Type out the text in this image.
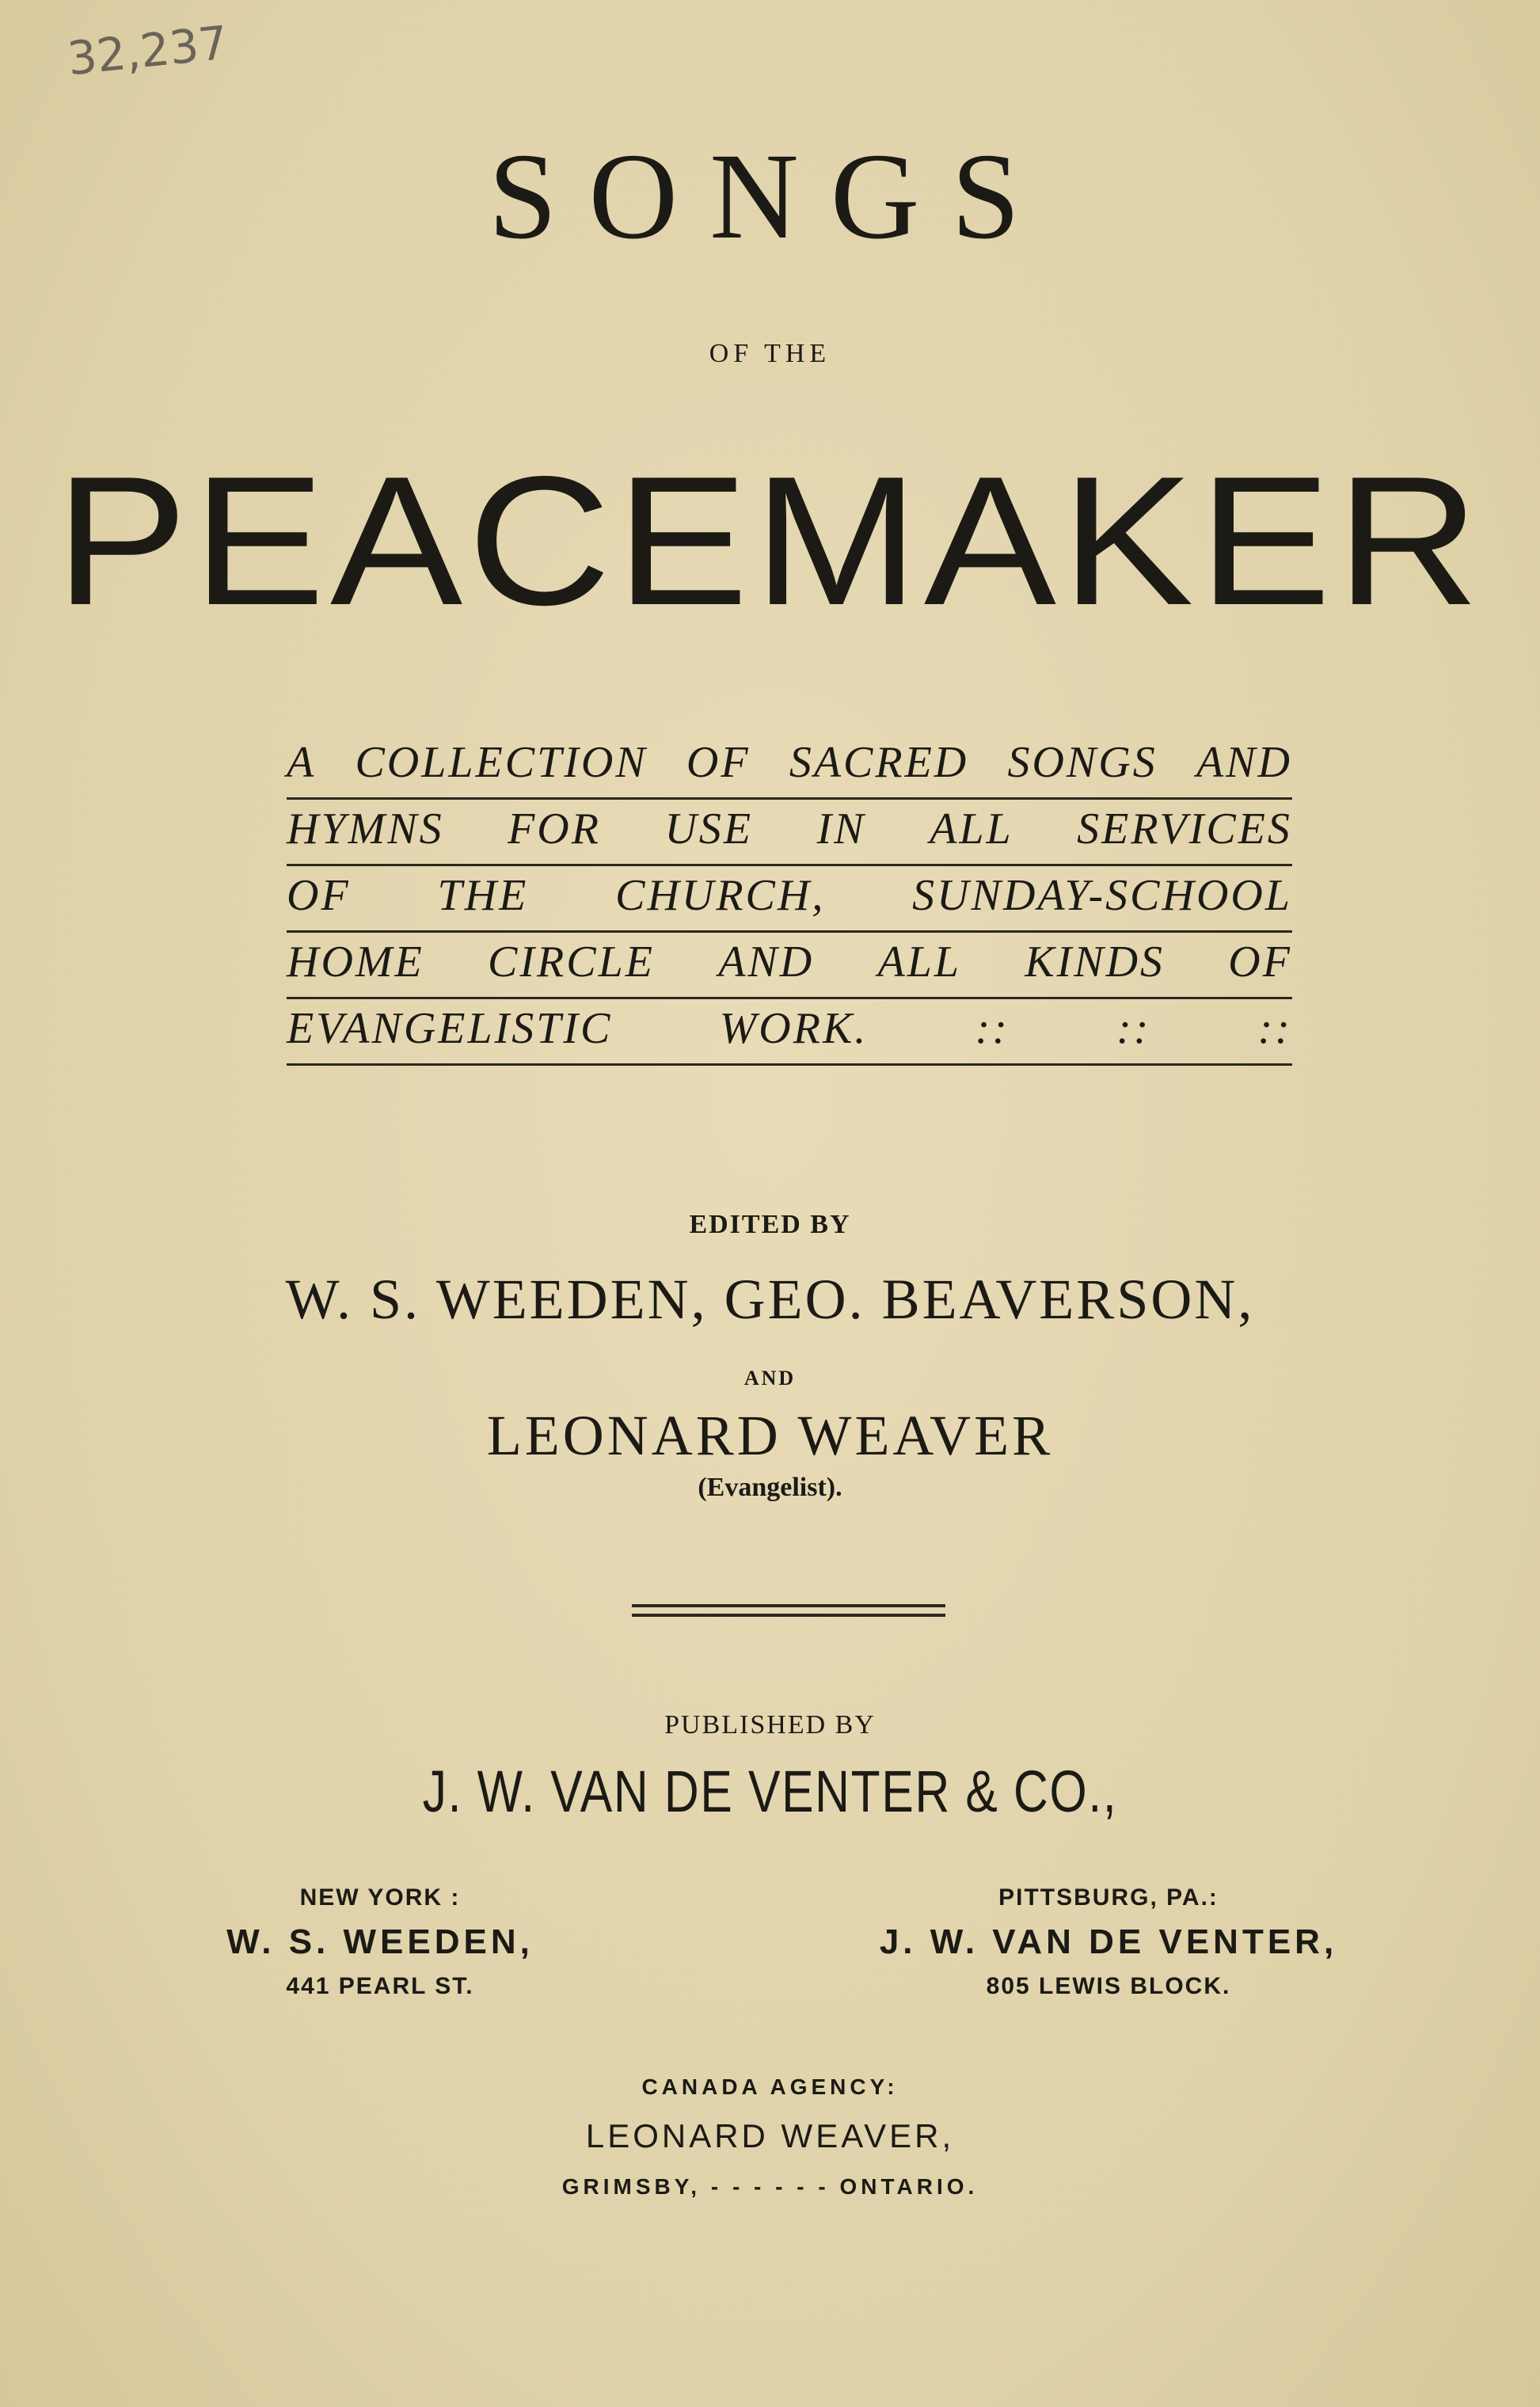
32,237
SONGS
OF THE
PEACEMAKER
A COLLECTION OF SACRED SONGS AND
HYMNS FOR USE IN ALL SERVICES
OF THE CHURCH, SUNDAY-SCHOOL
HOME CIRCLE AND ALL KINDS OF
EVANGELISTIC WORK. :: :: ::
EDITED BY
W. S. WEEDEN, GEO. BEAVERSON,
AND
LEONARD WEAVER
(Evangelist).
PUBLISHED BY
J. W. VAN DE VENTER & CO.,
NEW YORK :
W. S. WEEDEN,
441 PEARL ST.
PITTSBURG, PA.:
J. W. VAN DE VENTER,
805 LEWIS BLOCK.
CANADA AGENCY:
LEONARD WEAVER,
GRIMSBY, - - - - - - ONTARIO.
